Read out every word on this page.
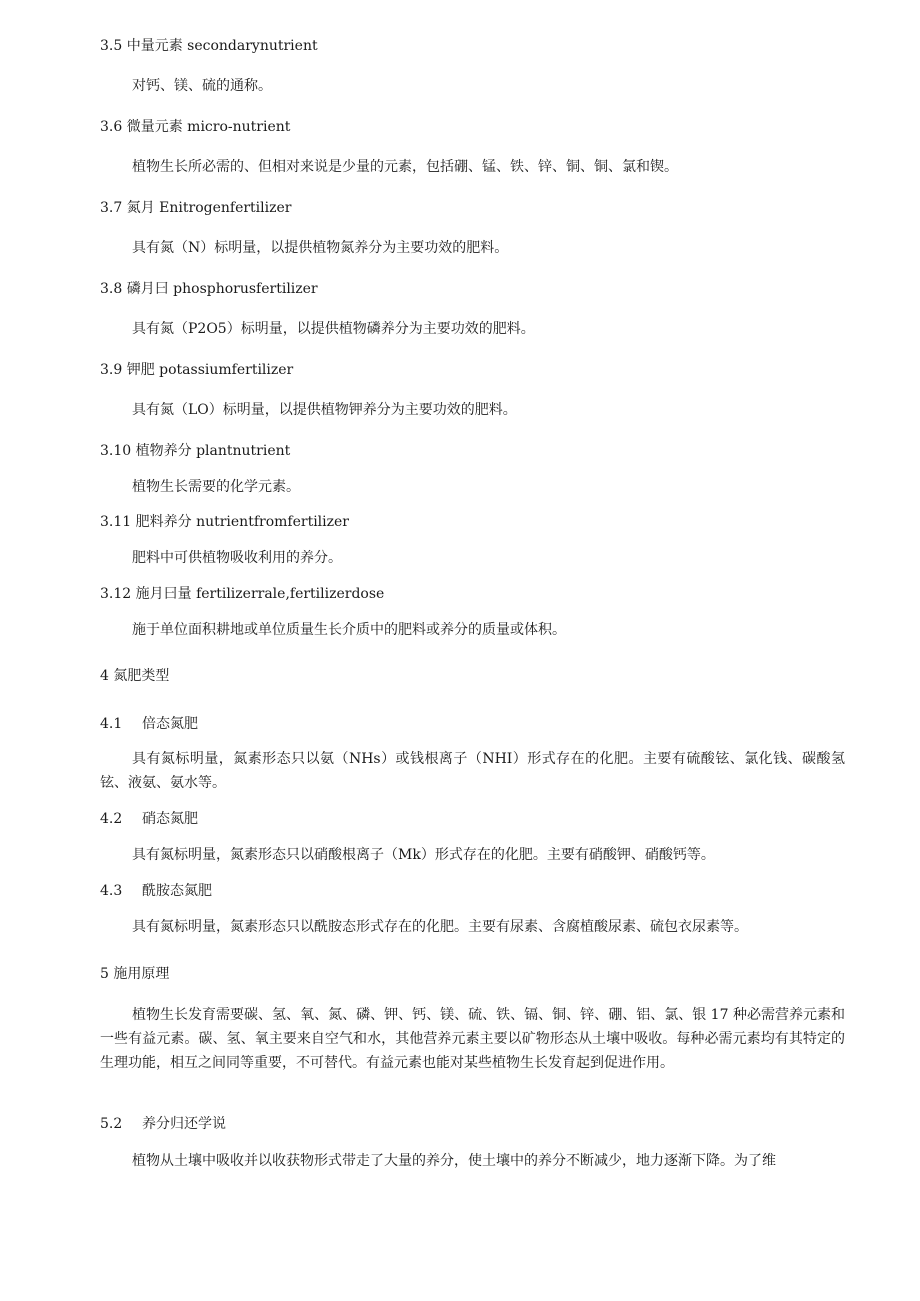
3.5 中量元素 secondarynutrient
对钙、镁、硫的通称。
3.6 微量元素 micro-nutrient
植物生长所必需的、但相对来说是少量的元素，包括硼、锰、铁、锌、铜、铜、氯和锲。
3.7 氮月 Enitrogenfertilizer
具有氮（N）标明量，以提供植物氮养分为主要功效的肥料。
3.8 磷月曰 phosphorusfertilizer
具有氮（P2O5）标明量，以提供植物磷养分为主要功效的肥料。
3.9 钾肥 potassiumfertilizer
具有氮（LO）标明量，以提供植物钾养分为主要功效的肥料。
3.10 植物养分 plantnutrient
植物生长需要的化学元素。
3.11 肥料养分 nutrientfromfertilizer
肥料中可供植物吸收利用的养分。
3.12 施月曰量 fertilizerrale,fertilizerdose
施于单位面积耕地或单位质量生长介质中的肥料或养分的质量或体积。
4 氮肥类型
4.1 倍态氮肥
具有氮标明量，氮素形态只以氨（NHs）或钱根离子（NHI）形式存在的化肥。主要有硫酸铉、氯化钱、碳酸氢铉、液氨、氨水等。
4.2 硝态氮肥
具有氮标明量，氮素形态只以硝酸根离子（Mk）形式存在的化肥。主要有硝酸钾、硝酸钙等。
4.3 酰胺态氮肥
具有氮标明量，氮素形态只以酰胺态形式存在的化肥。主要有尿素、含腐植酸尿素、硫包衣尿素等。
5 施用原理
植物生长发育需要碳、氢、氧、氮、磷、钾、钙、镁、硫、铁、镉、铜、锌、硼、铝、氯、银 17 种必需营养元素和一些有益元素。碳、氢、氧主要来自空气和水，其他营养元素主要以矿物形态从土壤中吸收。每种必需元素均有其特定的生理功能，相互之间同等重要，不可替代。有益元素也能对某些植物生长发育起到促进作用。
5.2 养分归还学说
植物从土壤中吸收并以收获物形式带走了大量的养分，使土壤中的养分不断减少，地力逐渐下降。为了维
